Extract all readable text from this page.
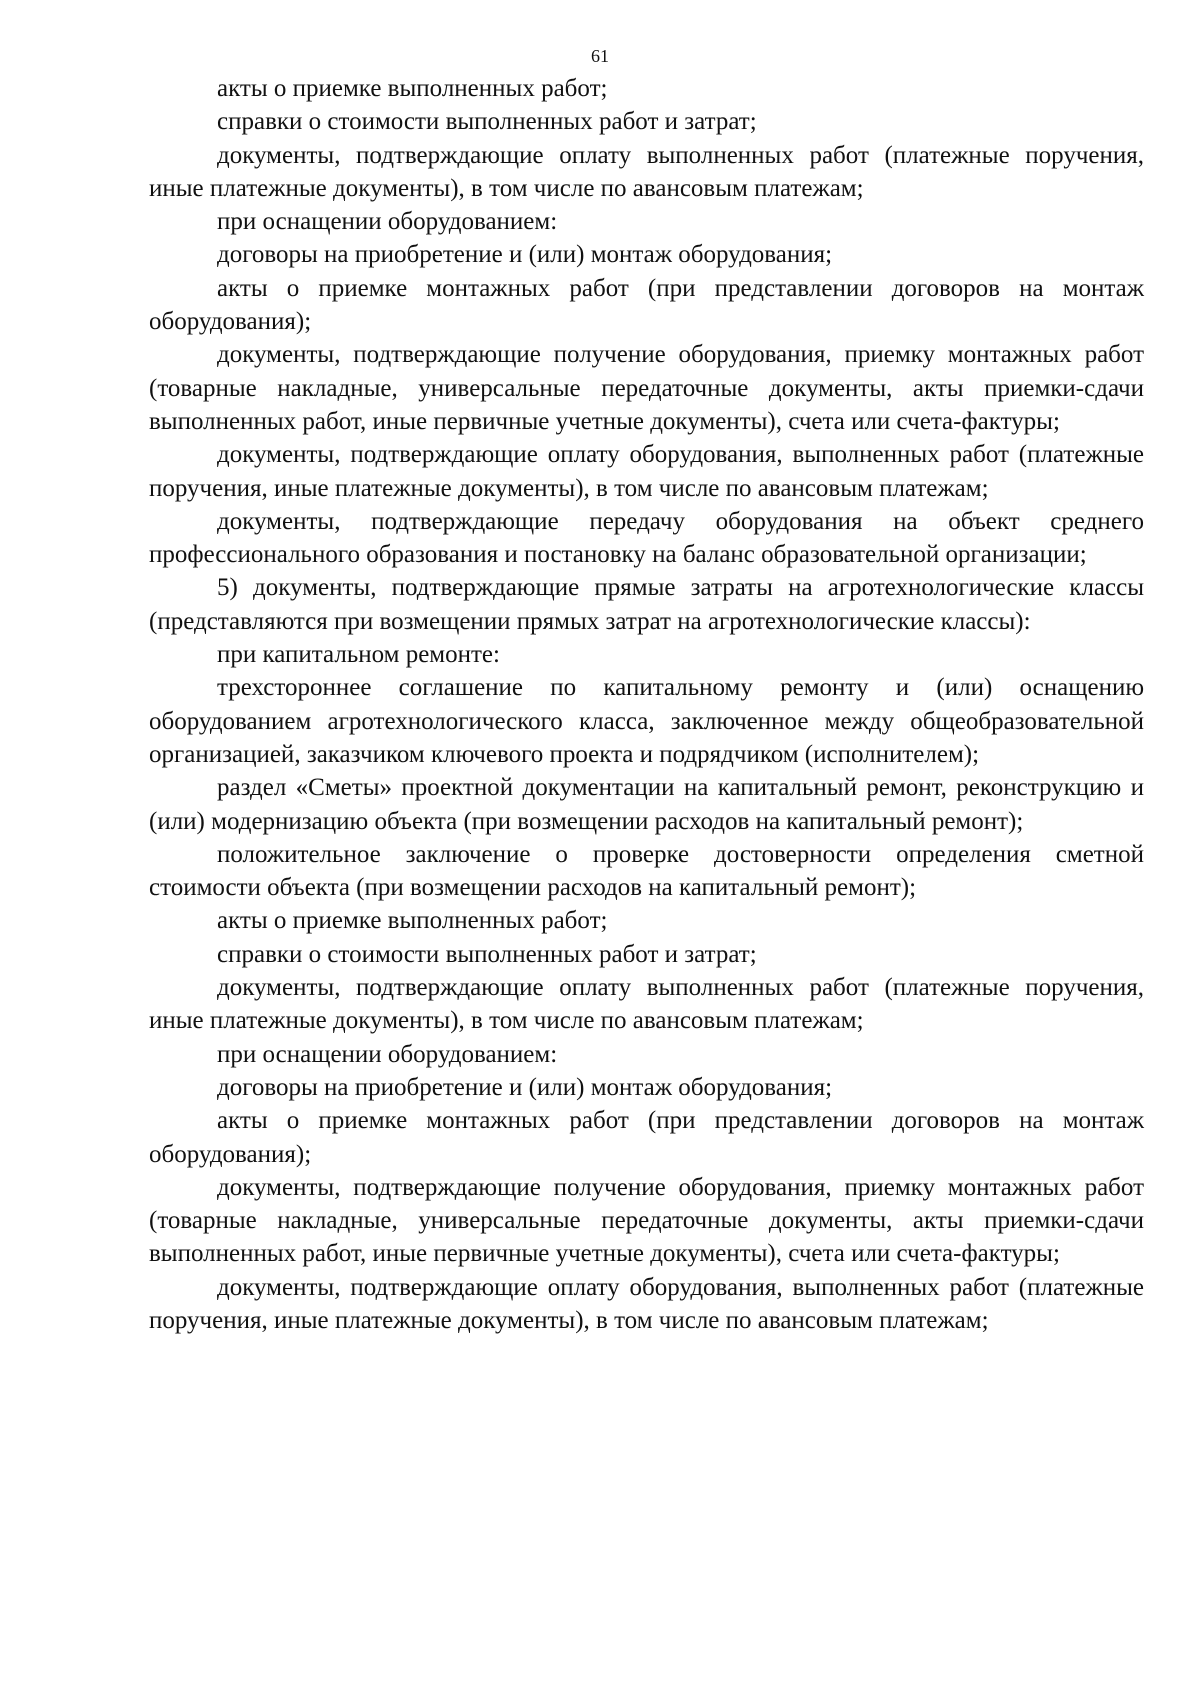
61

акты о приемке выполненных работ;

справки о стоимости выполненных работ и затрат;

документы, подтверждающие оплату выполненных работ (платежные поручения, иные платежные документы), в том числе по авансовым платежам;

при оснащении оборудованием:

договоры на приобретение и (или) монтаж оборудования;

акты о приемке монтажных работ (при представлении договоров на монтаж оборудования);

документы, подтверждающие получение оборудования, приемку монтажных работ (товарные накладные, универсальные передаточные документы, акты приемки-сдачи выполненных работ, иные первичные учетные документы), счета или счета-фактуры;

документы, подтверждающие оплату оборудования, выполненных работ (платежные поручения, иные платежные документы), в том числе по авансовым платежам;

документы, подтверждающие передачу оборудования на объект среднего профессионального образования и постановку на баланс образовательной организации;

5) документы, подтверждающие прямые затраты на агротехнологические классы (представляются при возмещении прямых затрат на агротехнологические классы):

при капитальном ремонте:

трехстороннее соглашение по капитальному ремонту и (или) оснащению оборудованием агротехнологического класса, заключенное между общеобразовательной организацией, заказчиком ключевого проекта и подрядчиком (исполнителем);

раздел «Сметы» проектной документации на капитальный ремонт, реконструкцию и (или) модернизацию объекта (при возмещении расходов на капитальный ремонт);

положительное заключение о проверке достоверности определения сметной стоимости объекта (при возмещении расходов на капитальный ремонт);

акты о приемке выполненных работ;

справки о стоимости выполненных работ и затрат;

документы, подтверждающие оплату выполненных работ (платежные поручения, иные платежные документы), в том числе по авансовым платежам;

при оснащении оборудованием:

договоры на приобретение и (или) монтаж оборудования;

акты о приемке монтажных работ (при представлении договоров на монтаж оборудования);

документы, подтверждающие получение оборудования, приемку монтажных работ (товарные накладные, универсальные передаточные документы, акты приемки-сдачи выполненных работ, иные первичные учетные документы), счета или счета-фактуры;

документы, подтверждающие оплату оборудования, выполненных работ (платежные поручения, иные платежные документы), в том числе по авансовым платежам;
